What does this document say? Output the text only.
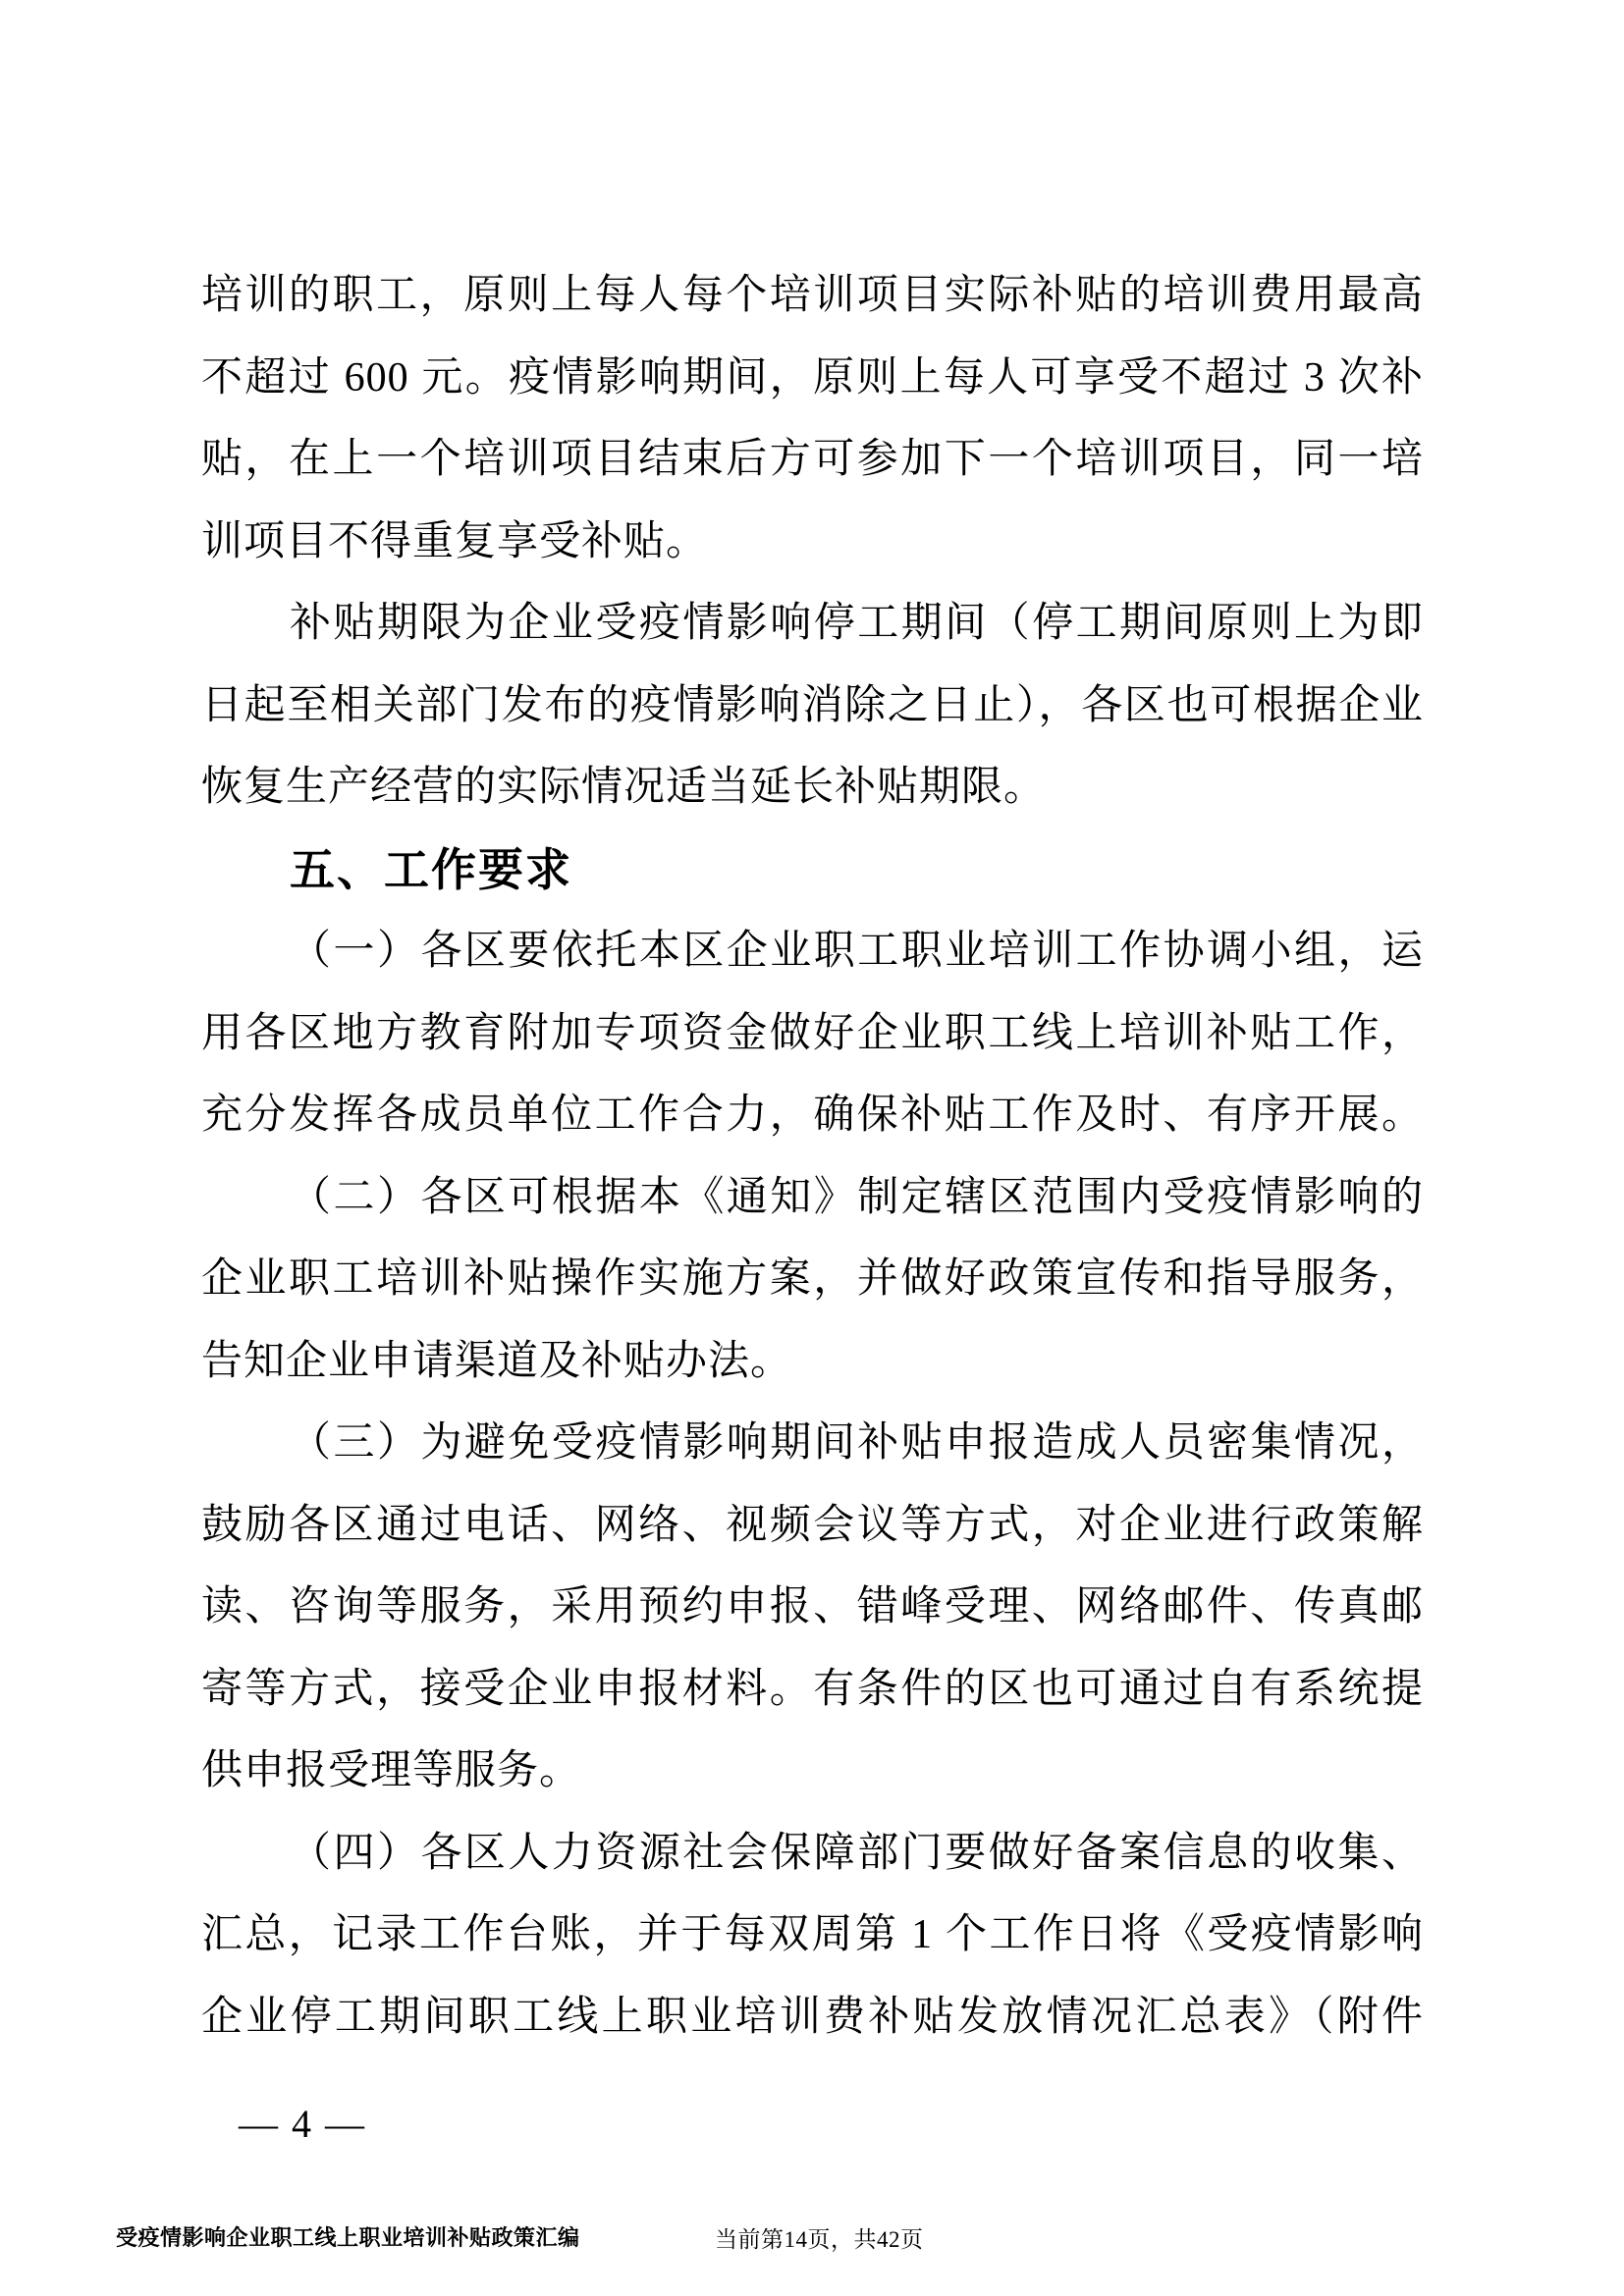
培训的职工，原则上每人每个培训项目实际补贴的培训费用最高
不超过 600 元。疫情影响期间，原则上每人可享受不超过 3 次补
贴，在上一个培训项目结束后方可参加下一个培训项目，同一培
训项目不得重复享受补贴。
补贴期限为企业受疫情影响停工期间（停工期间原则上为即
日起至相关部门发布的疫情影响消除之日止），各区也可根据企业
恢复生产经营的实际情况适当延长补贴期限。
五、工作要求
（一）各区要依托本区企业职工职业培训工作协调小组，运
用各区地方教育附加专项资金做好企业职工线上培训补贴工作，
充分发挥各成员单位工作合力，确保补贴工作及时、有序开展。
（二）各区可根据本《通知》制定辖区范围内受疫情影响的
企业职工培训补贴操作实施方案，并做好政策宣传和指导服务，
告知企业申请渠道及补贴办法。
（三）为避免受疫情影响期间补贴申报造成人员密集情况，
鼓励各区通过电话、网络、视频会议等方式，对企业进行政策解
读、咨询等服务，采用预约申报、错峰受理、网络邮件、传真邮
寄等方式，接受企业申报材料。有条件的区也可通过自有系统提
供申报受理等服务。
（四）各区人力资源社会保障部门要做好备案信息的收集、
汇总，记录工作台账，并于每双周第 1 个工作日将《受疫情影响
企业停工期间职工线上职业培训费补贴发放情况汇总表》（附件
— 4 —
受疫情影响企业职工线上职业培训补贴政策汇编	当前第14页，共42页
